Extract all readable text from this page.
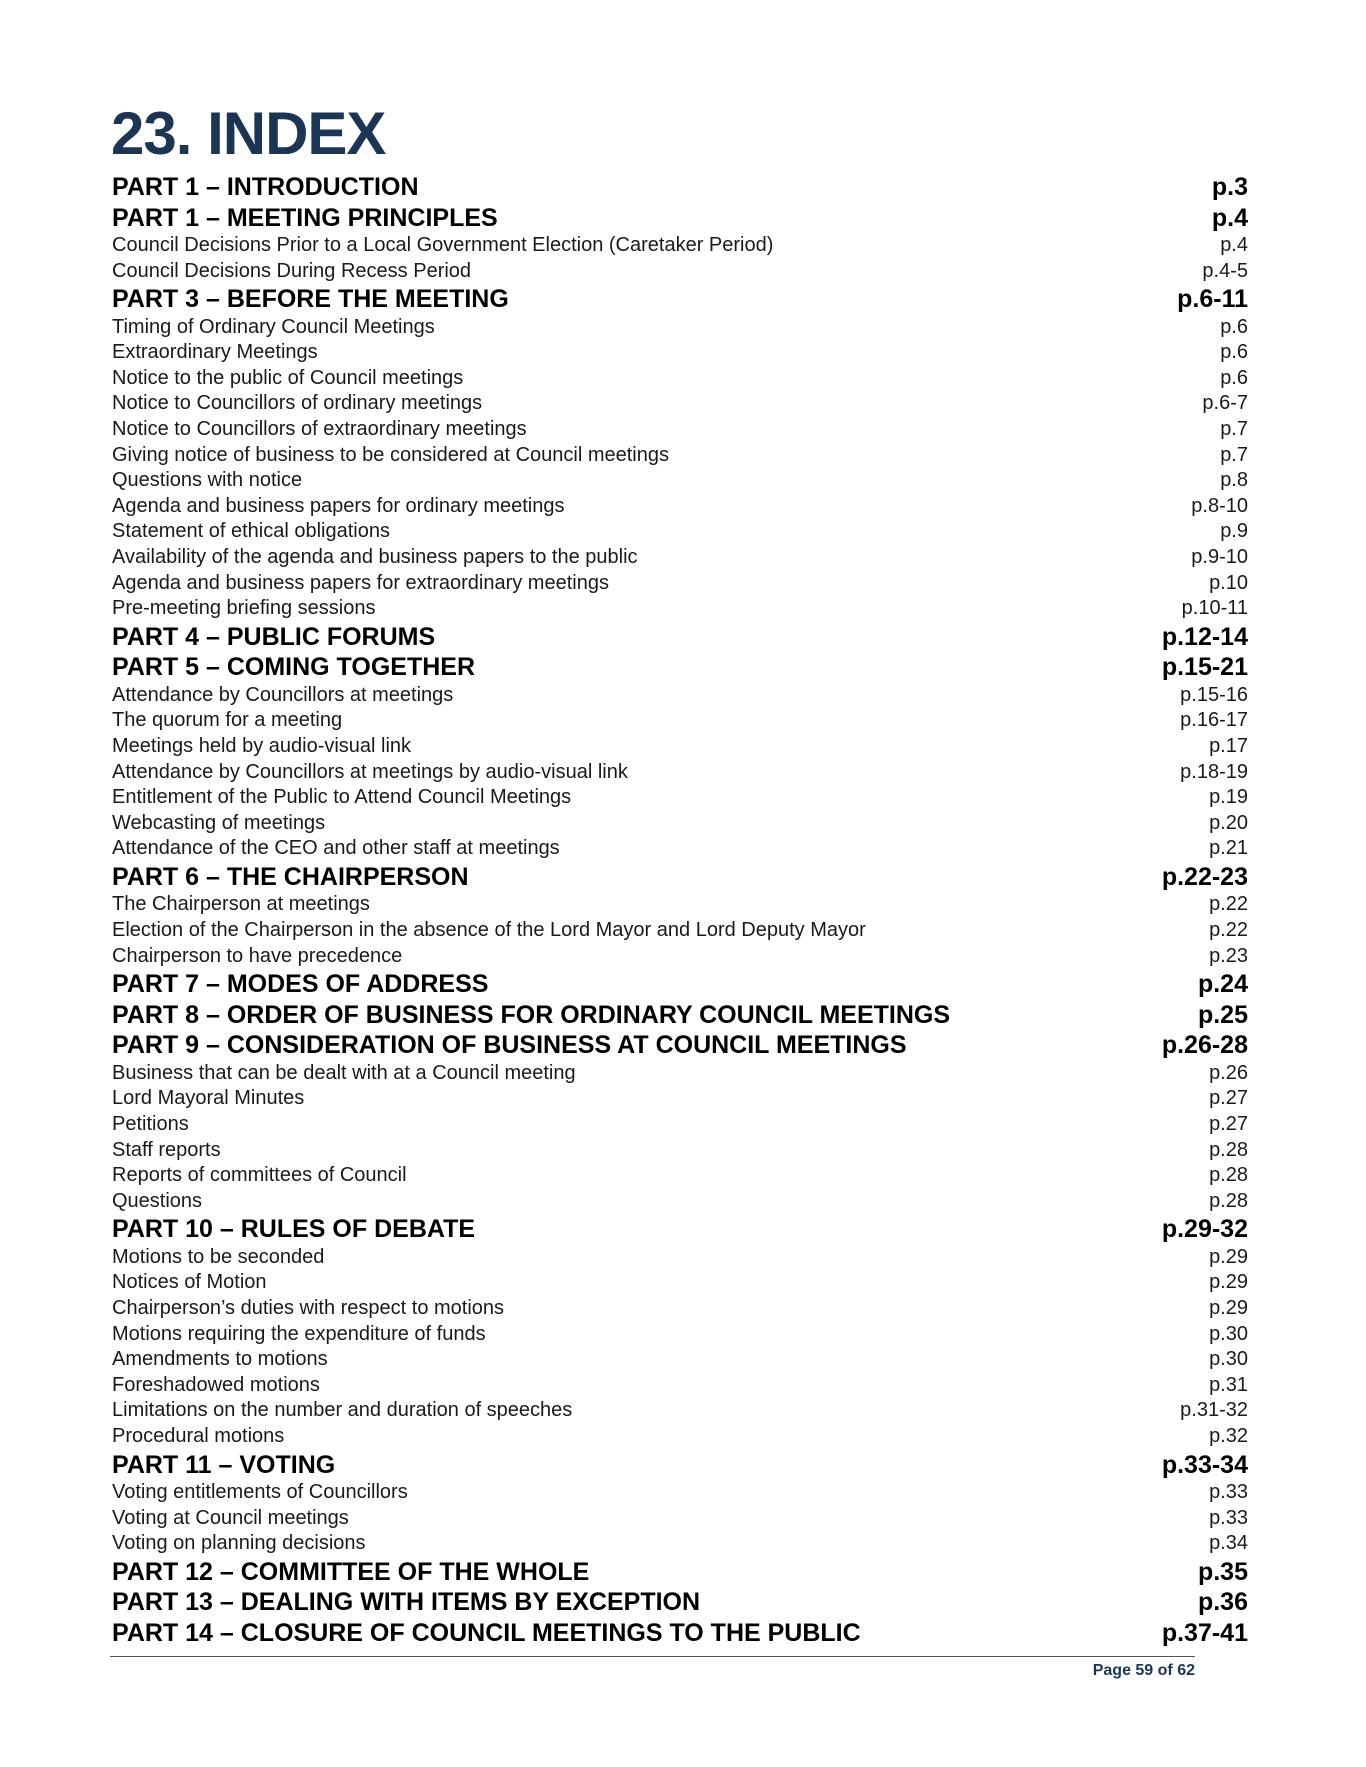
23. INDEX
PART 1 – INTRODUCTION	p.3
PART 1 – MEETING PRINCIPLES	p.4
Council Decisions Prior to a Local Government Election (Caretaker Period)	p.4
Council Decisions During Recess Period	p.4-5
PART 3 – BEFORE THE MEETING	p.6-11
Timing of Ordinary Council Meetings	p.6
Extraordinary Meetings	p.6
Notice to the public of Council meetings	p.6
Notice to Councillors of ordinary meetings	p.6-7
Notice to Councillors of extraordinary meetings	p.7
Giving notice of business to be considered at Council meetings	p.7
Questions with notice	p.8
Agenda and business papers for ordinary meetings	p.8-10
Statement of ethical obligations	p.9
Availability of the agenda and business papers to the public	p.9-10
Agenda and business papers for extraordinary meetings	p.10
Pre-meeting briefing sessions	p.10-11
PART 4 – PUBLIC FORUMS	p.12-14
PART 5 – COMING TOGETHER	p.15-21
Attendance by Councillors at meetings	p.15-16
The quorum for a meeting	p.16-17
Meetings held by audio-visual link	p.17
Attendance by Councillors at meetings by audio-visual link	p.18-19
Entitlement of the Public to Attend Council Meetings	p.19
Webcasting of meetings	p.20
Attendance of the CEO and other staff at meetings	p.21
PART 6 – THE CHAIRPERSON	p.22-23
The Chairperson at meetings	p.22
Election of the Chairperson in the absence of the Lord Mayor and Lord Deputy Mayor	p.22
Chairperson to have precedence	p.23
PART 7 – MODES OF ADDRESS	p.24
PART 8 – ORDER OF BUSINESS FOR ORDINARY COUNCIL MEETINGS	p.25
PART 9 – CONSIDERATION OF BUSINESS AT COUNCIL MEETINGS	p.26-28
Business that can be dealt with at a Council meeting	p.26
Lord Mayoral Minutes	p.27
Petitions	p.27
Staff reports	p.28
Reports of committees of Council	p.28
Questions	p.28
PART 10 – RULES OF DEBATE	p.29-32
Motions to be seconded	p.29
Notices of Motion	p.29
Chairperson’s duties with respect to motions	p.29
Motions requiring the expenditure of funds	p.30
Amendments to motions	p.30
Foreshadowed motions	p.31
Limitations on the number and duration of speeches	p.31-32
Procedural motions	p.32
PART 11 – VOTING	p.33-34
Voting entitlements of Councillors	p.33
Voting at Council meetings	p.33
Voting on planning decisions	p.34
PART 12 – COMMITTEE OF THE WHOLE	p.35
PART 13 – DEALING WITH ITEMS BY EXCEPTION	p.36
PART 14 – CLOSURE OF COUNCIL MEETINGS TO THE PUBLIC	p.37-41
Page 59 of 62
